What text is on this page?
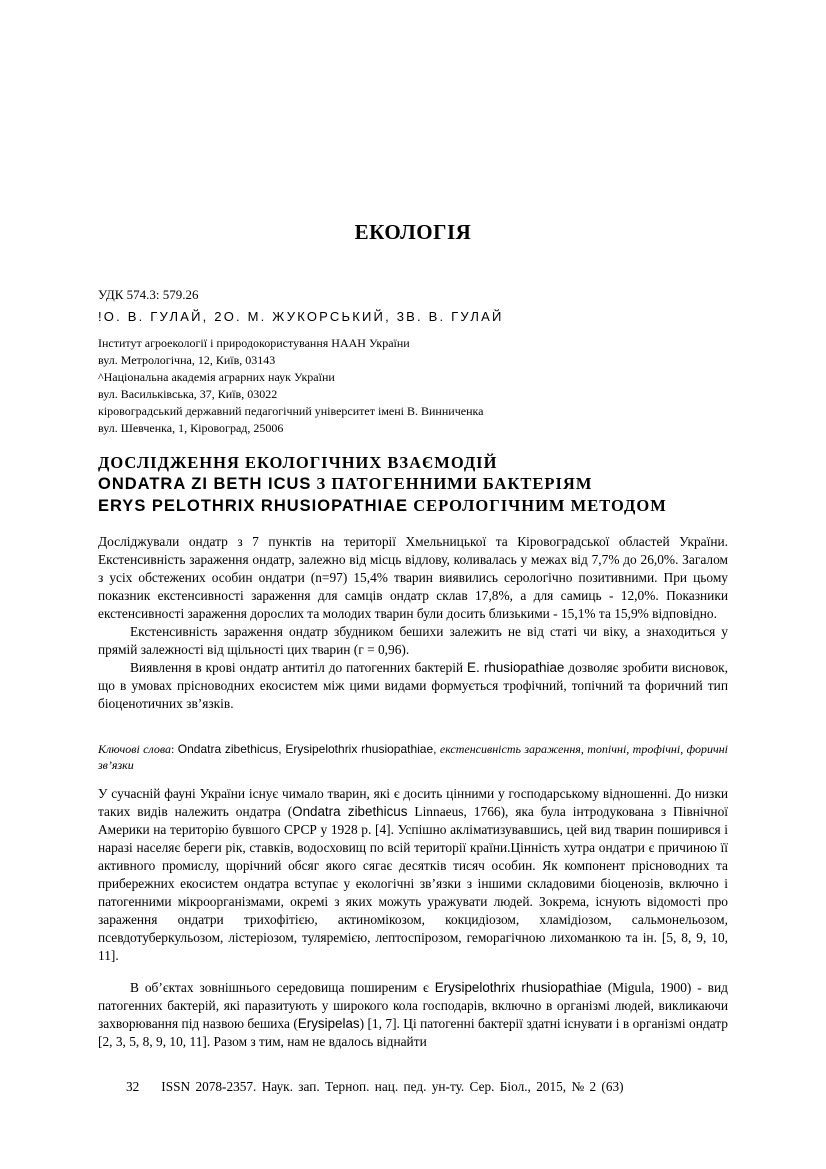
ЕКОЛОГІЯ
УДК 574.3: 579.26
!О. В. ГУЛАЙ, 2О. М. ЖУКОРСЬКИЙ, 3В. В. ГУЛАЙ
Інститут агроекології і природокористування НААН України
вул. Метрологічна, 12, Київ, 03143
^Національна академія аграрних наук України
вул. Васильківська, 37, Київ, 03022
кіровоградський державний педагогічний університет імені В. Винниченка
вул. Шевченка, 1, Кіровоград, 25006
ДОСЛІДЖЕННЯ ЕКОЛОГІЧНИХ ВЗАЄМОДІЙ
ONDATRA ZI BETH ICUS З ПАТОГЕННИМИ БАКТЕРІЯМ
ERYS PELOTHRIX RHUSIOPATHIAE СЕРОЛОГІЧНИМ МЕТОДОМ

Досліджували ондатр з 7 пунктів на території Хмельницької та Кіровоградської областей України. Екстенсивність зараження ондатр, залежно від місць відлову, коливалась у межах від 7,7% до 26,0%. Загалом з усіх обстежених особин ондатри (n=97) 15,4% тварин виявились серологічно позитивними. При цьому показник екстенсивності зараження для самців ондатр склав 17,8%, а для самиць - 12,0%. Показники екстенсивності зараження дорослих та молодих тварин були досить близькими - 15,1% та 15,9% відповідно.

Екстенсивність зараження ондатр збудником бешихи залежить не від статі чи віку, а знаходиться у прямій залежності від щільності цих тварин (г = 0,96).

Виявлення в крові ондатр антитіл до патогенних бактерій E. rhusiopathiae дозволяє зробити висновок, що в умовах прісноводних екосистем між цими видами формується трофічний, топічний та форичний тип біоценотичних зв’язків.

Ключові слова: Ondatra zibethicus, Erysipelothrix rhusiopathiae, екстенсивність зараження, топічні, трофічні, форичні зв’язки

У сучасній фауні України існує чимало тварин, які є досить цінними у господарському відношенні. До низки таких видів належить ондатра (Ondatra zibethicus Linnaeus, 1766), яка була інтродукована з Північної Америки на територію бувшого СРСР у 1928 р. [4]. Успішно акліматизувавшись, цей вид тварин поширився і наразі населяє береги рік, ставків, водосховищ по всій території країни.Цінність хутра ондатри є причиною її активного промислу, щорічний обсяг якого сягає десятків тисяч особин. Як компонент прісноводних та прибережних екосистем ондатра вступає у екологічні зв’язки з іншими складовими біоценозів, включно і патогенними мікроорганізмами, окремі з яких можуть уражувати людей. Зокрема, існують відомості про зараження ондатри трихофітією, актиномікозом, кокцидіозом, хламідіозом, сальмонельозом, псевдотуберкульозом, лістеріозом, туляремією, лептоспірозом, геморагічною лихоманкою та ін. [5, 8, 9, 10, 11].

В об’єктах зовнішнього середовища поширеним є Erysipelothrix rhusiopathiae (Migula, 1900) - вид патогенних бактерій, які паразитують у широкого кола господарів, включно в організмі людей, викликаючи захворювання під назвою бешиха (Erysipelas) [1, 7]. Ці патогенні бактерії здатні існувати і в організмі ондатр [2, 3, 5, 8, 9, 10, 11]. Разом з тим, нам не вдалось віднайти

32 ISSN 2078-2357. Наук. зап. Терноп. нац. пед. ун-ту. Сер. Біол., 2015, № 2 (63)
